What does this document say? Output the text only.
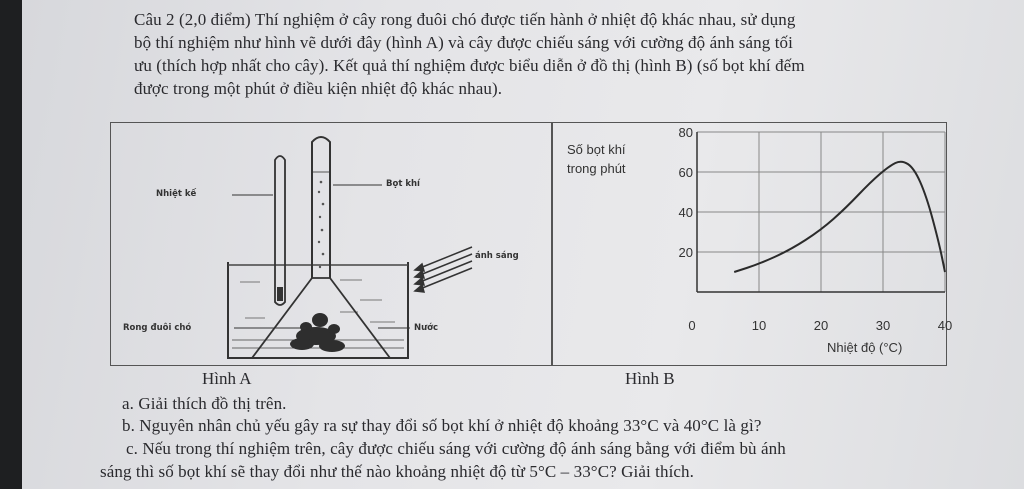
Câu 2 (2,0 điểm) Thí nghiệm ở cây rong đuôi chó được tiến hành ở nhiệt độ khác nhau, sử dụng
bộ thí nghiệm như hình vẽ dưới đây (hình A) và cây được chiếu sáng với cường độ ánh sáng tối
ưu (thích hợp nhất cho cây). Kết quả thí nghiệm được biểu diễn ở đồ thị (hình B) (số bọt khí đếm
được trong một phút ở điều kiện nhiệt độ khác nhau).
Nhiệt kế
Bọt khí
ánh sáng
Rong đuôi chó	Nước
Số bọt khí
trong phút
Nhiệt độ (°C)
0	10	20	30	40
20
40
60
80
Hình A	Hình B
a. Giải thích đồ thị trên.
b. Nguyên nhân chủ yếu gây ra sự thay đổi số bọt khí ở nhiệt độ khoảng 33°C và 40°C là gì?
c. Nếu trong thí nghiệm trên, cây được chiếu sáng với cường độ ánh sáng bằng với điểm bù ánh
sáng thì số bọt khí sẽ thay đổi như thế nào khoảng nhiệt độ từ 5°C – 33°C? Giải thích.
